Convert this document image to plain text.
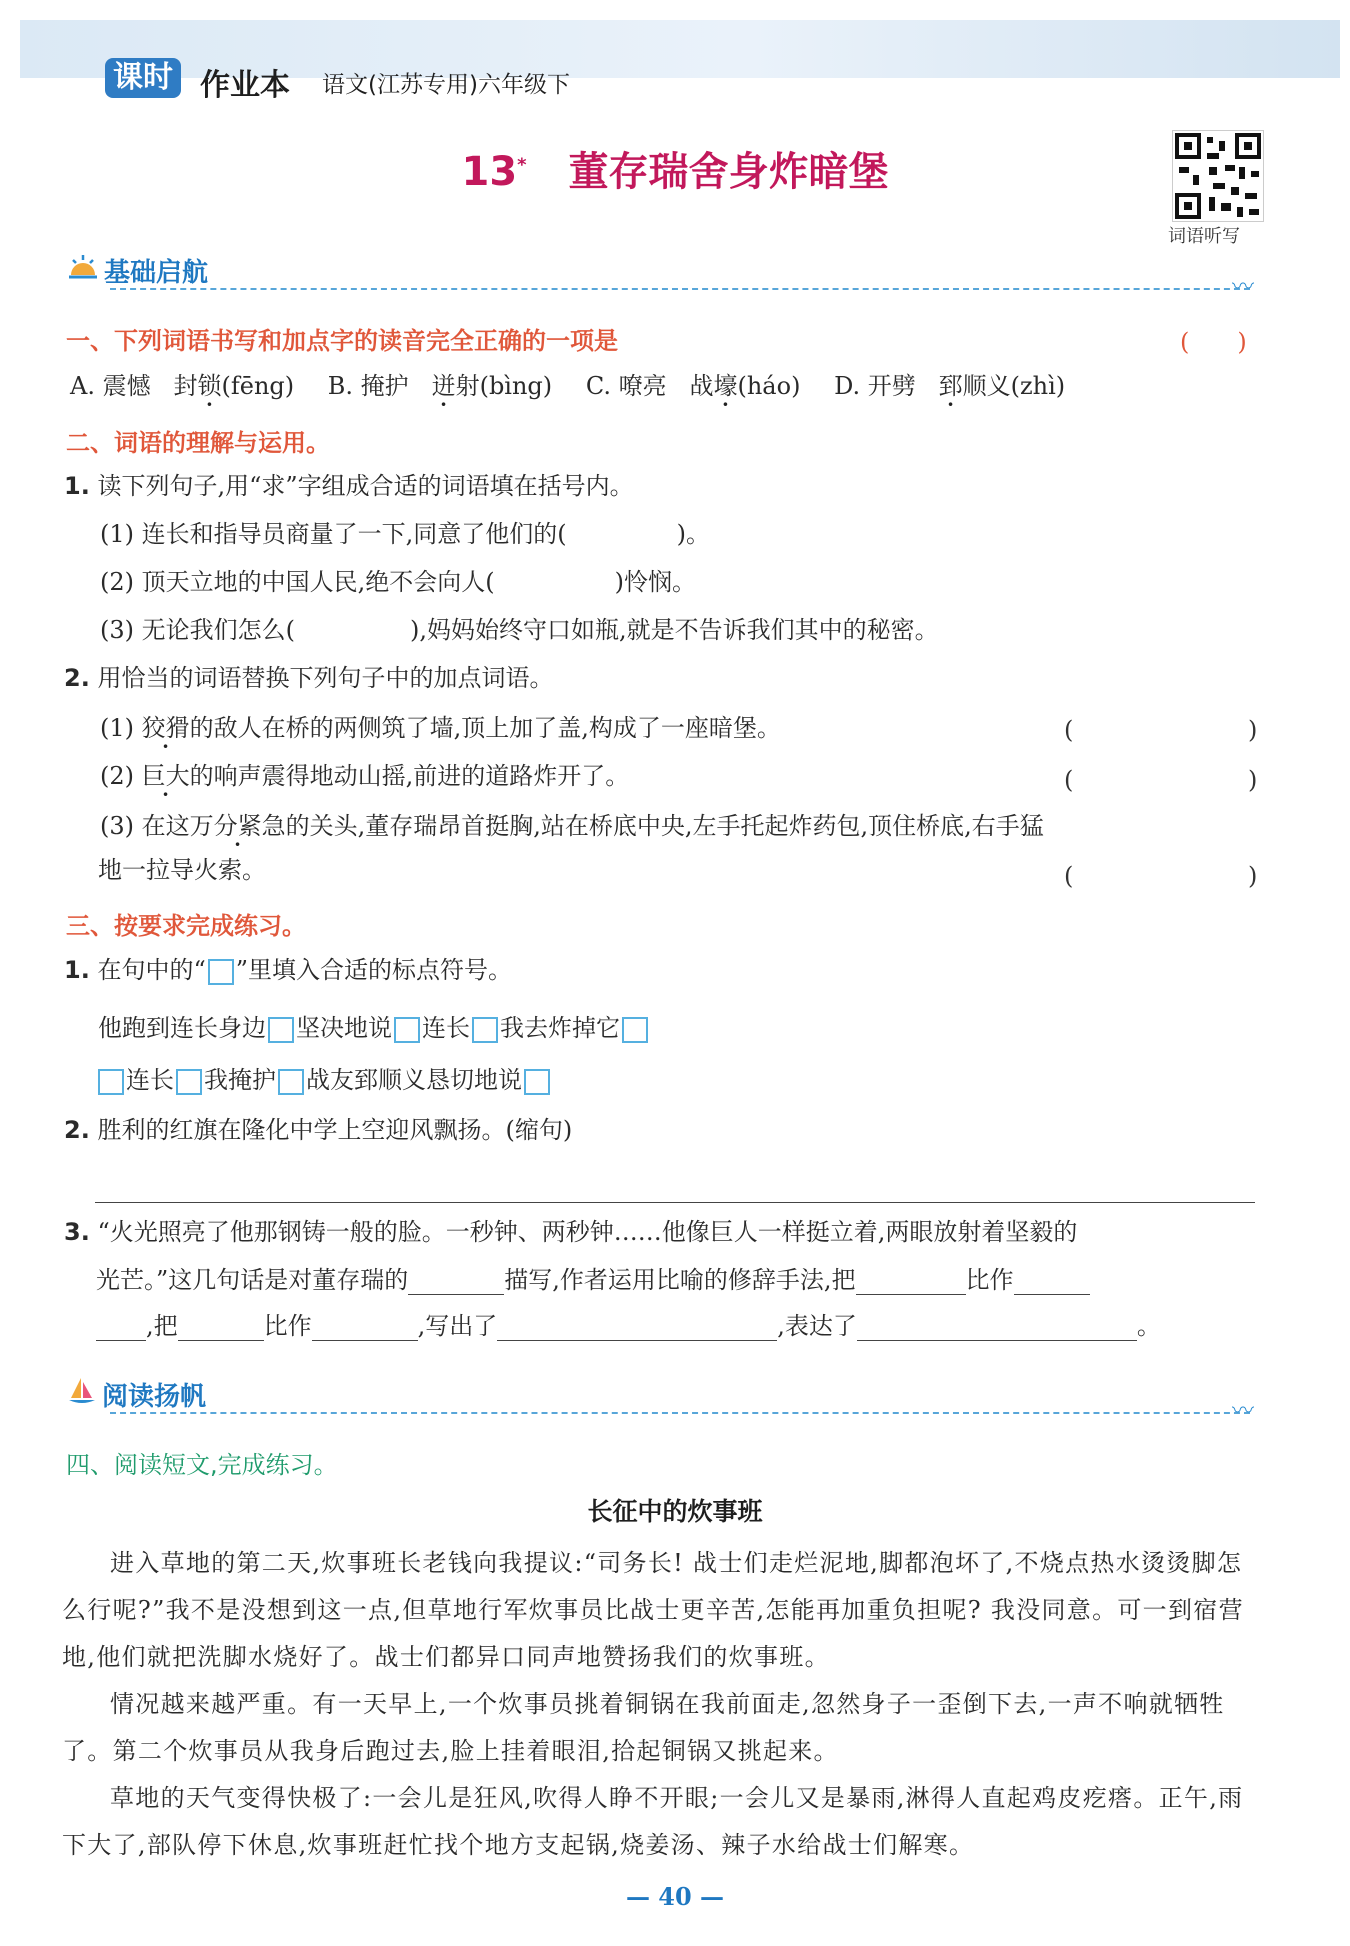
课时 作业本 语文(江苏专用)六年级下
13* 董存瑞舍身炸暗堡
词语听写
基础启航	〰
一、下列词语书写和加点字的读音完全正确的一项是	(　　)
A. 震憾 封锁(fēng) B. 掩护 迸射(bìng) C. 嘹亮 战壕(háo) D. 开劈 郅顺义(zhì)
二、词语的理解与运用。
1. 读下列句子,用“求”字组成合适的词语填在括号内。
(1) 连长和指导员商量了一下,同意了他们的(	)。
(2) 顶天立地的中国人民,绝不会向人(	)怜悯。
(3) 无论我们怎么(	),妈妈始终守口如瓶,就是不告诉我们其中的秘密。
2. 用恰当的词语替换下列句子中的加点词语。
(1) 狡猾的敌人在桥的两侧筑了墙,顶上加了盖,构成了一座暗堡。	(	)
(2) 巨大的响声震得地动山摇,前进的道路炸开了。	(	)
(3) 在这万分紧急的关头,董存瑞昂首挺胸,站在桥底中央,左手托起炸药包,顶住桥底,右手猛
地一拉导火索。	(	)
三、按要求完成练习。
1. 在句中的“ ”里填入合适的标点符号。
他跑到连长身边 坚决地说 连长 我去炸掉它
连长 我掩护 战友郅顺义恳切地说
2. 胜利的红旗在隆化中学上空迎风飘扬。(缩句)
3. “火光照亮了他那钢铸一般的脸。一秒钟、两秒钟……他像巨人一样挺立着,两眼放射着坚毅的
光芒。”这几句话是对董存瑞的	描写,作者运用比喻的修辞手法,把	比作
,把	比作	,写出了	,表达了	。
阅读扬帆	〰
四、阅读短文,完成练习。
长征中的炊事班

进入草地的第二天,炊事班长老钱向我提议:“司务长! 战士们走烂泥地,脚都泡坏了,不烧点热水烫烫脚怎么行呢?”我不是没想到这一点,但草地行军炊事员比战士更辛苦,怎能再加重负担呢? 我没同意。可一到宿营地,他们就把洗脚水烧好了。战士们都异口同声地赞扬我们的炊事班。

情况越来越严重。有一天早上,一个炊事员挑着铜锅在我前面走,忽然身子一歪倒下去,一声不响就牺牲了。第二个炊事员从我身后跑过去,脸上挂着眼泪,拾起铜锅又挑起来。

草地的天气变得快极了:一会儿是狂风,吹得人睁不开眼;一会儿又是暴雨,淋得人直起鸡皮疙瘩。正午,雨下大了,部队停下休息,炊事班赶忙找个地方支起锅,烧姜汤、辣子水给战士们解寒。

— 40 —
